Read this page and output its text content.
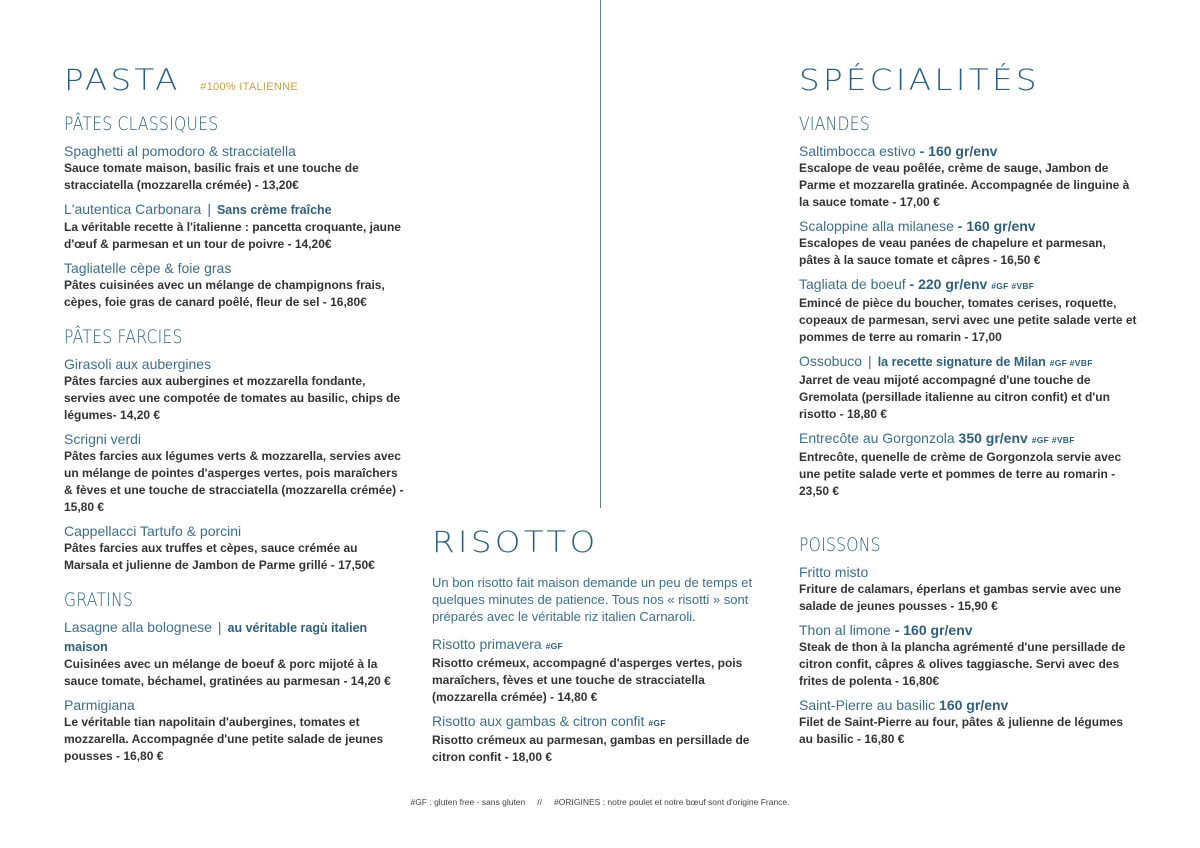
PASTA #100% ITALIENNE
PÂTES CLASSIQUES
Spaghetti al pomodoro & stracciatella
Sauce tomate maison, basilic frais et une touche de stracciatella (mozzarella crémée) - 13,20€
L'autentica Carbonara | Sans crème fraîche
La véritable recette à l'italienne : pancetta croquante, jaune d'œuf & parmesan et un tour de poivre - 14,20€
Tagliatelle cèpe & foie gras
Pâtes cuisinées avec un mélange de champignons frais, cèpes, foie gras de canard poêlé, fleur de sel - 16,80€
PÂTES FARCIES
Girasoli aux aubergines
Pâtes farcies aux aubergines et mozzarella fondante, servies avec une compotée de tomates au basilic, chips de légumes- 14,20 €
Scrigni verdi
Pâtes farcies aux légumes verts & mozzarella, servies avec un mélange de pointes d'asperges vertes, pois maraîchers & fèves et une touche de stracciatella (mozzarella crémée) - 15,80 €
Cappellacci Tartufo & porcini
Pâtes farcies aux truffes et cèpes, sauce crémée au Marsala et julienne de Jambon de Parme grillé - 17,50€
GRATINS
Lasagne alla bolognese | au véritable ragù italien maison
Cuisinées avec un mélange de boeuf & porc mijoté à la sauce tomate, béchamel, gratinées au parmesan - 14,20 €
Parmigiana
Le véritable tian napolitain d'aubergines, tomates et mozzarella. Accompagnée d'une petite salade de jeunes pousses - 16,80 €
RISOTTO
Un bon risotto fait maison demande un peu de temps et quelques minutes de patience. Tous nos « risotti » sont préparés avec le véritable riz italien Carnaroli.
Risotto primavera #GF
Risotto crémeux, accompagné d'asperges vertes, pois maraîchers, fèves et une touche de stracciatella (mozzarella crémée) - 14,80 €
Risotto aux gambas & citron confit #GF
Risotto crémeux au parmesan, gambas en persillade de citron confit - 18,00 €
SPÉCIALITÉS
VIANDES
Saltimbocca estivo - 160 gr/env
Escalope de veau poêlée, crème de sauge, Jambon de Parme et mozzarella gratinée. Accompagnée de linguine à la sauce tomate - 17,00 €
Scaloppine alla milanese - 160 gr/env
Escalopes de veau panées de chapelure et parmesan, pâtes à la sauce tomate et câpres - 16,50 €
Tagliata de boeuf - 220 gr/env #GF #VBF
Emincé de pièce du boucher, tomates cerises, roquette, copeaux de parmesan, servi avec une petite salade verte et pommes de terre au romarin - 17,00
Ossobuco | la recette signature de Milan #GF #VBF
Jarret de veau mijoté accompagné d'une touche de Gremolata (persillade italienne au citron confit) et d'un risotto - 18,80 €
Entrecôte au Gorgonzola 350 gr/env #GF #VBF
Entrecôte, quenelle de crème de Gorgonzola servie avec une petite salade verte et pommes de terre au romarin - 23,50 €
POISSONS
Fritto misto
Friture de calamars, éperlans et gambas servie avec une salade de jeunes pousses - 15,90 €
Thon al limone - 160 gr/env
Steak de thon à la plancha agrémenté d'une persillade de citron confit, câpres & olives taggiasche. Servi avec des frites de polenta - 16,80€
Saint-Pierre au basilic 160 gr/env
Filet de Saint-Pierre au four, pâtes & julienne de légumes au basilic - 16,80 €
#GF : gluten free - sans gluten // #ORIGINES : notre poulet et notre bœuf sont d'origine France.
